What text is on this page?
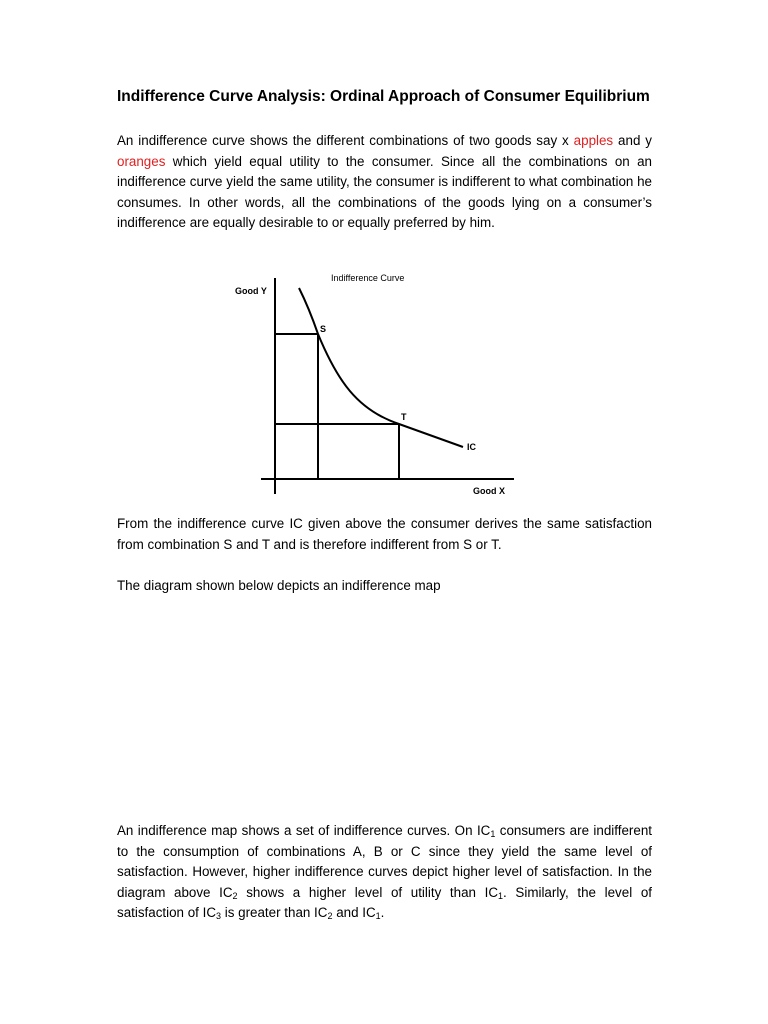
Indifference Curve Analysis: Ordinal Approach of Consumer Equilibrium

An indifference curve shows the different combinations of two goods say x apples and y oranges which yield equal utility to the consumer. Since all the combinations on an indifference curve yield the same utility, the consumer is indifferent to what combination he consumes. In other words, all the combinations of the goods lying on a consumer’s indifference are equally desirable to or equally preferred by him.

Indifference Curve
Good Y
Good X
S
T
IC

From the indifference curve IC given above the consumer derives the same satisfaction from combination S and T and is therefore indifferent from S or T.

The diagram shown below depicts an indifference map

An indifference map shows a set of indifference curves. On $IC_1$ consumers are indifferent to the consumption of combinations A, B or C since they yield the same level of satisfaction. However, higher indifference curves depict higher level of satisfaction. In the diagram above $IC_2$ shows a higher level of utility than $IC_1$. Similarly, the level of satisfaction of $IC_3$ is greater than $IC_2$ and $IC_1$.
